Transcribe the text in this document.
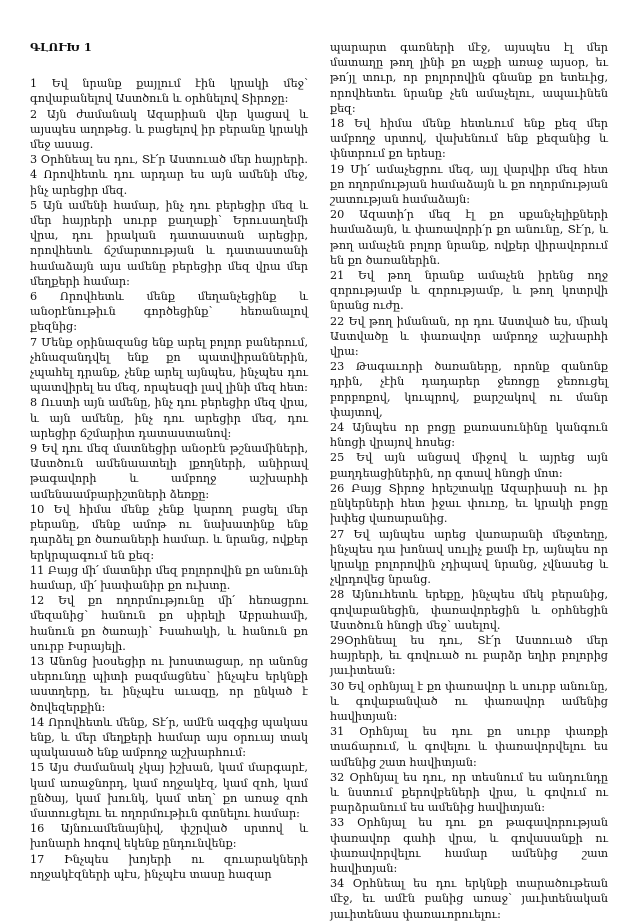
ԳԼՈՒԽ 1

1 Եվ նրանք քայլում էին կրակի մեջ՝ գովաբանելով Աստծուն և օրհնելով Տիրոջը:

2 Այն ժամանակ Ազարիան վեր կացավ և այսպես աղոթեց. և բացելով իր բերանը կրակի մեջ ասաց.

3 Օրհնեալ ես դու, Տէ՛ր Աստուած մեր հայրերի. 4 Որովհետև դու արդար ես այն ամենի մեջ, ինչ արեցիր մեզ.

5 Այն ամենի համար, ինչ դու բերեցիր մեզ և մեր հայրերի սուրբ քաղաքի՝ Երուսաղեմի վրա, դու իրական դատաստան արեցիր, որովհետև ճշմարտության և դատաստանի համաձայն այս ամենը բերեցիր մեզ վրա մեր մեղքերի համար:

6 Որովհետև մենք մեղանչեցինք և անօրէնութիւն գործեցինք՝ հեռանալով քեզնից:

7 Մենք օրինազանց ենք արել բոլոր բաներում, չհնազանդվել ենք քո պատվիրաններին, չպահել դրանք, չենք արել այնպես, ինչպես դու պատվիրել ես մեզ, որպեսզի լավ լինի մեզ հետ:

8 Ուստի այն ամենը, ինչ դու բերեցիր մեզ վրա, և այն ամենը, ինչ դու արեցիր մեզ, դու արեցիր ճշմարիտ դատաստանով:

9 Եվ դու մեզ մատնեցիր անօրէն թշնամիների, Աստծուն ամենաատելի լքողների, անիրավ թագավորի և ամբողջ աշխարհի ամենաամբարիշտների ձեռքը:

10 Եվ հիմա մենք չենք կարող բացել մեր բերանը, մենք ամոթ ու նախատինք ենք դարձել քո ծառաների համար. և նրանց, ովքեր երկրպագում են քեզ:

11 Բայց մի՛ մատնիր մեզ բոլորովին քո անունի համար, մի՛ խափանիր քո ուխտը.

12 Եվ քո ողորմությունը մի՛ հեռացրու մեզանից՝ հանուն քո սիրելի Աբրահամի, հանուն քո ծառայի՝ Իսահակի, և հանուն քո սուրբ Իսրայելի.

13 Անոնց խօսեցիր ու խոստացար, որ անոնց սերունդը պիտի բազմացնես՝ ինչպէս երկնքի աստղերը, եւ ինչպէս աւազը, որ ընկած է ծովեզերքին:

14 Որովհետև մենք, Տէ՛ր, ամէն ազգից պակաս ենք, և մեր մեղքերի համար այս օրուայ տակ պակասած ենք ամբողջ աշխարհում:

15 Այս ժամանակ չկայ իշխան, կամ մարգարէ, կամ առաջնորդ, կամ ողջակէզ, կամ զոհ, կամ ընծայ, կամ խունկ, կամ տեղ՝ քո առաջ զոհ մատուցելու եւ ողորմութիւն գտնելու համար:

16 Այնուամենայնիվ, փշրված սրտով և խոնարհ հոգով եկենք ընդունվենք:

17 Ինչպես խոյերի ու զուարակների ողջակէզների պէս, ինչպէս տասը հազար

պարարտ գառների մէջ, այսպես էլ մեր մատաղը թող լինի քո աչքի առաջ այսօր, եւ թո՛յլ տուր, որ բոլորովին գնանք քո ետեւից, որովհետեւ նրանք չեն ամաչելու, ապաւինեն քեզ:

18 Եվ հիմա մենք հետևում ենք քեզ մեր ամբողջ սրտով, վախենում ենք քեզանից և փնտրում քո երեսը:

19 Մի՛ ամաչեցրու մեզ, այլ վարվիր մեզ հետ քո ողորմության համաձայն և քո ողորմության շատության համաձայն:

20 Ազատի՛ր մեզ էլ քո սքանչելիքների համաձայն, և փառավորի՛ր քո անունը, Տէ՛ր, և թող ամաչեն բոլոր նրանք, ովքեր վիրավորում են քո ծառաներին.

21 Եվ թող նրանք ամաչեն իրենց ողջ զորությամբ և զորությամբ, և թող կոտրվի նրանց ուժը.

22 Եվ թող իմանան, որ դու Աստված ես, միակ Աստվածը և փառավոր ամբողջ աշխարհի վրա:

23 Թագաւորի ծառաները, որոնք զանոնք դրին, չէին դադարեր ջեռոցը ջեռուցել բորբոքով, կուպրով, քարշակով ու մանր փայտով,

24 Այնպես որ բոցը քառասունինը կանգուն հնոցի վրայով հոսեց:

25 Եվ այն անցավ միջով և այրեց այն քաղդեացիներին, որ գտավ հնոցի մոտ:

26 Բայց Տիրոջ հրեշտակը Ազարիասի ու իր ընկերների հետ իջաւ փուռը, եւ կրակի բոցը խփեց վառարանից.

27 Եվ այնպես արեց վառարանի մեջտեղը, ինչպես դա խոնավ սուլիչ քամի էր, այնպես որ կրակը բոլորովին չդիպավ նրանց, չվնասեց և չվրդովեց նրանց.

28 Այնուհետև երեքը, ինչպես մեկ բերանից, գովաբանեցին, փառավորեցին և օրհնեցին Աստծուն հնոցի մեջ՝ ասելով.

29Օրհնեալ ես դու, Տէ՛ր Աստուած մեր հայրերի, եւ գովուած ու բարձր եղիր բոլորից յաւիտեան:

30 Եվ օրհնյալ է քո փառավոր և սուրբ անունը, և գովաբանված ու փառավոր ամենից հավիտյան:

31 Օրհնյալ ես դու քո սուրբ փառքի տաճարում, և գովելու և փառավորվելու ես ամենից շատ հավիտյան:

32 Օրհնյալ ես դու, որ տեսնում ես անդունդը և նստում քերովբեների վրա, և գովում ու բարձրանում ես ամենից հավիտյան:

33 Օրհնյալ ես դու քո թագավորության փառավոր գահի վրա, և գովասանքի ու փառավորվելու համար ամենից շատ հավիտյան:

34 Օրհնեալ ես դու երկնքի տարածութեան մէջ, եւ ամէն բանից առաջ՝ յաւիտենական յաւիտենաս փառաւորուելու:
